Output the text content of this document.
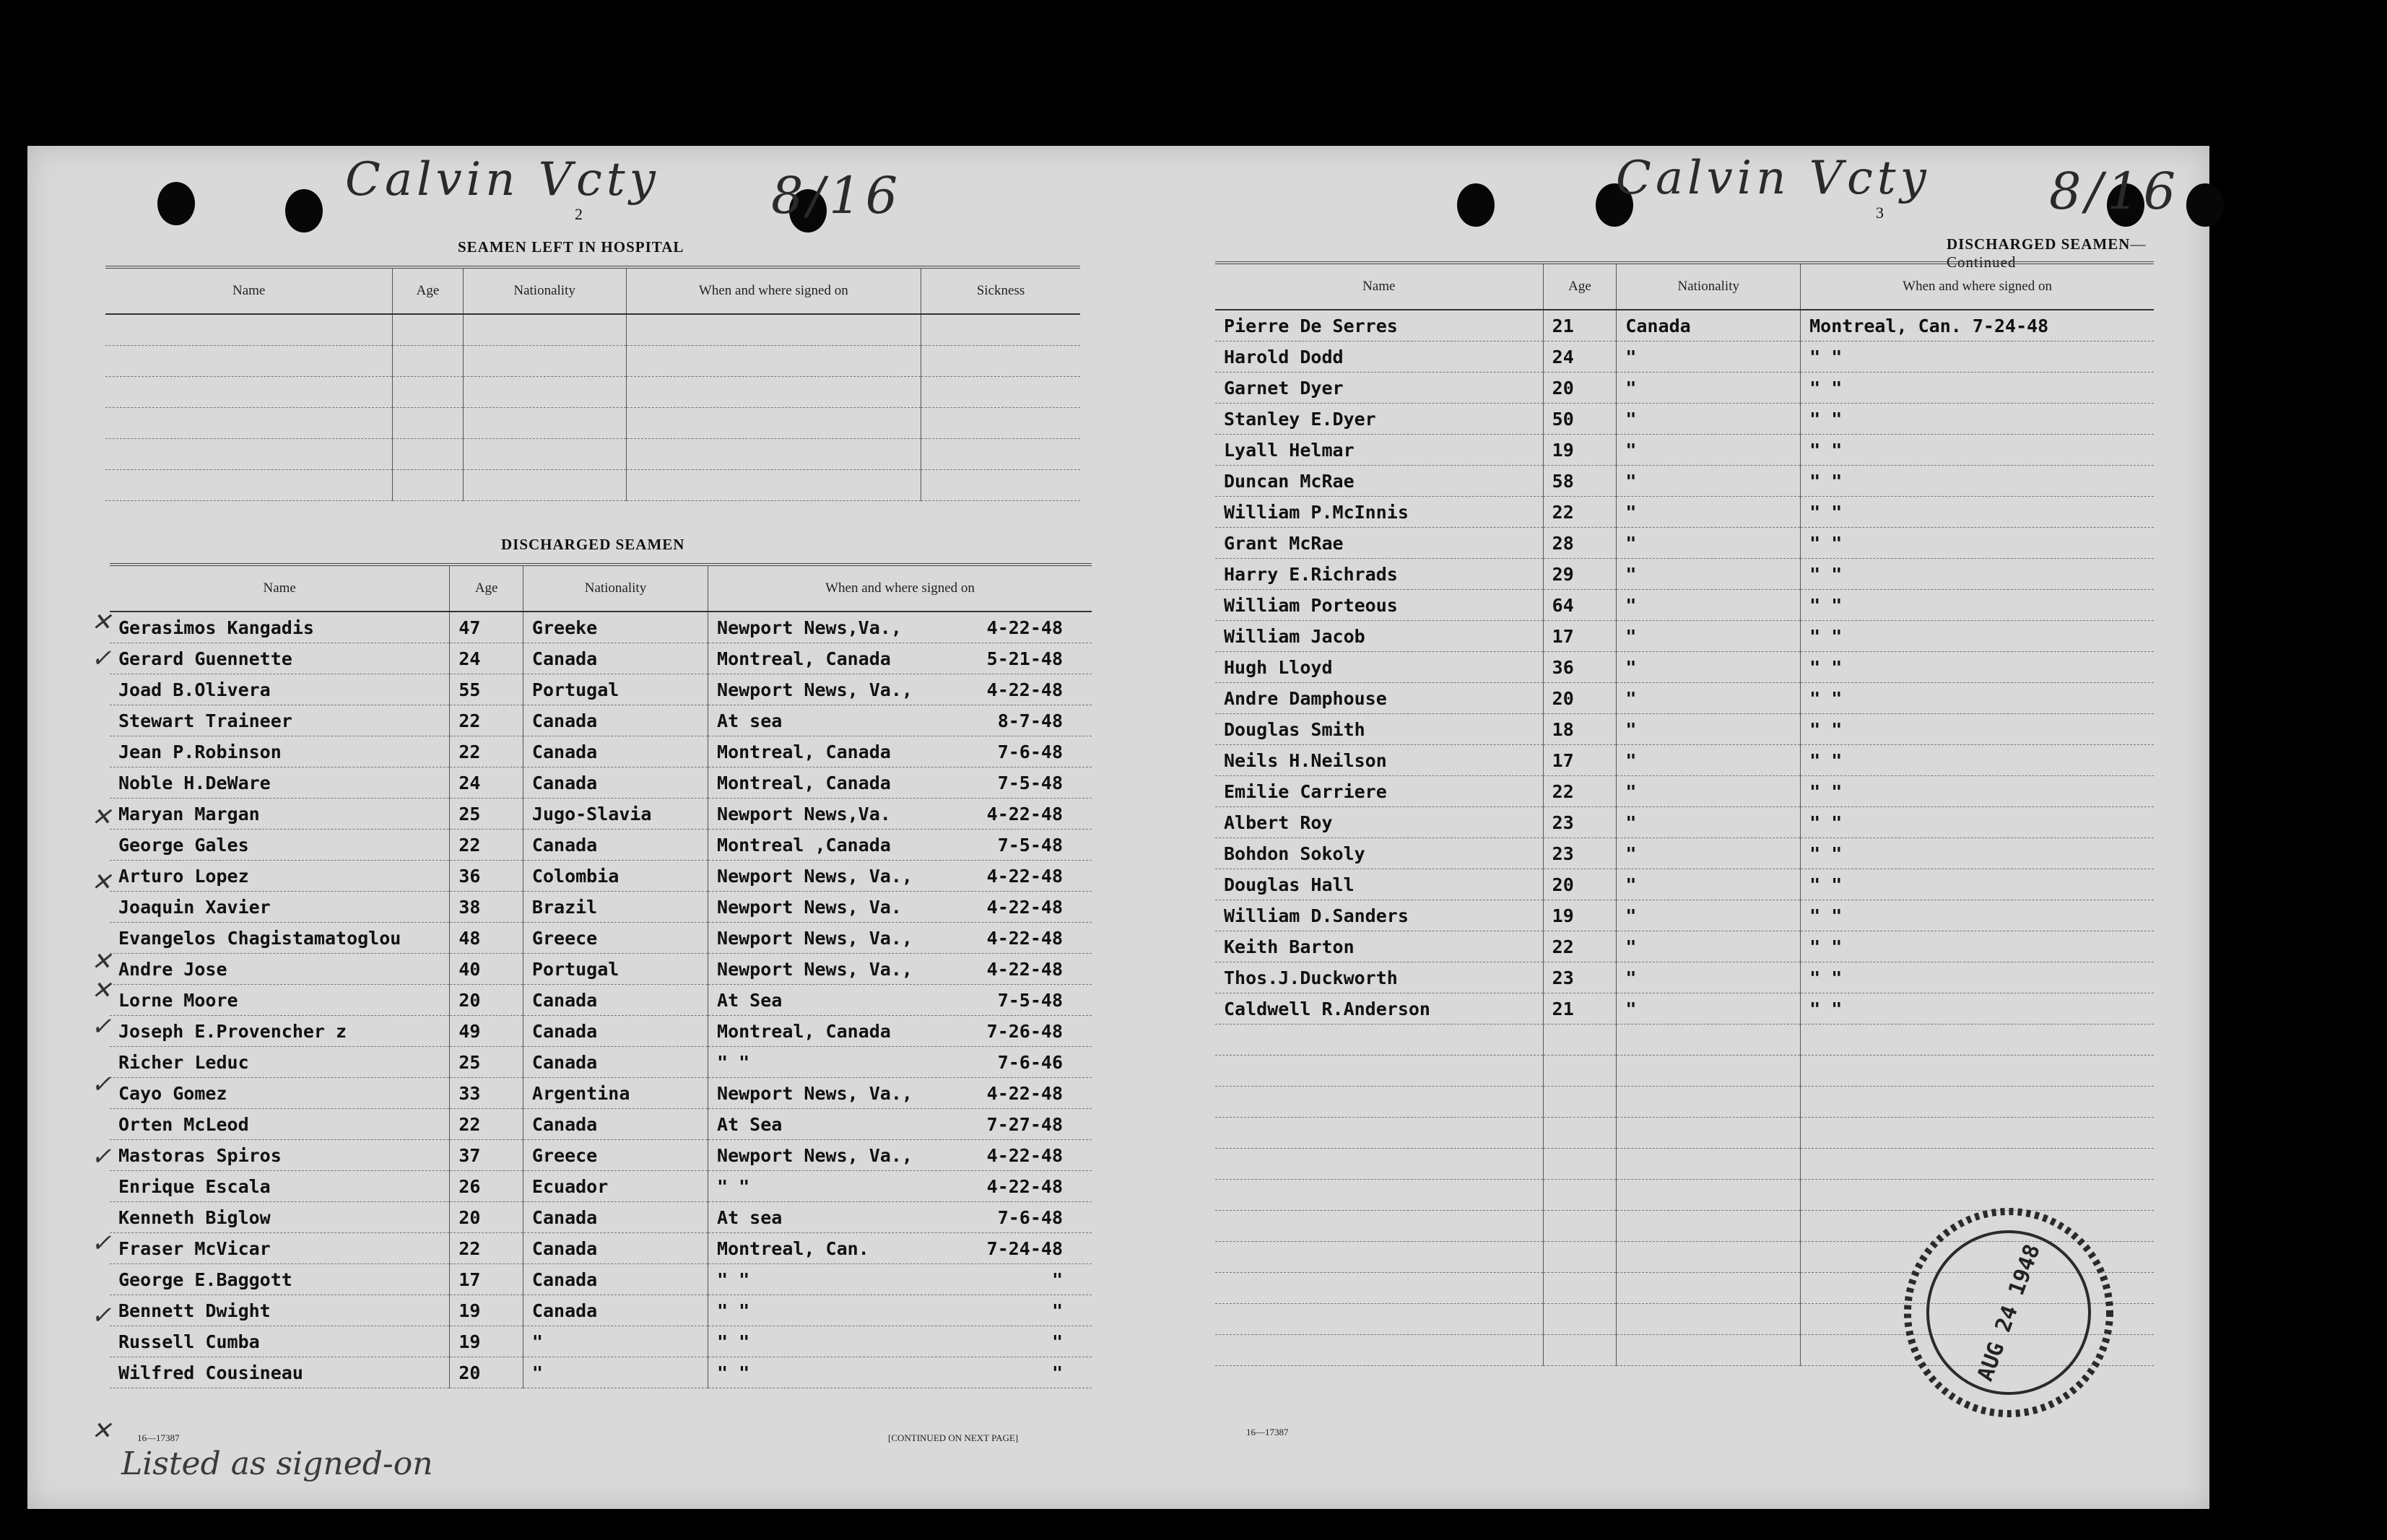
Calvin Vcty 8/16
2
SEAMEN LEFT IN HOSPITAL
Name	Age	Nationality	When and where signed on	Sickness

DISCHARGED SEAMEN
Name	Age	Nationality	When and where signed on
Gerasimos Kangadis	47	Greeke	Newport News,Va., 4-22-48

Gerard Guennette	24	Canada	Montreal, Canada 5-21-48

Joad B.Olivera	55	Portugal	Newport News, Va., 4-22-48

Stewart Traineer	22	Canada	At sea 8-7-48

Jean P.Robinson	22	Canada	Montreal, Canada 7-6-48

Noble H.DeWare	24	Canada	Montreal, Canada 7-5-48

Maryan Margan	25	Jugo-Slavia	Newport News,Va. 4-22-48

George Gales	22	Canada	Montreal ,Canada 7-5-48

Arturo Lopez	36	Colombia	Newport News, Va., 4-22-48

Joaquin Xavier	38	Brazil	Newport News, Va. 4-22-48

Evangelos Chagistamatoglou	48	Greece	Newport News, Va., 4-22-48

Andre Jose	40	Portugal	Newport News, Va., 4-22-48

Lorne Moore	20	Canada	At Sea 7-5-48

Joseph E.Provencher z	49	Canada	Montreal, Canada 7-26-48

Richer Leduc	25	Canada	" " 7-6-46

Cayo Gomez	33	Argentina	Newport News, Va., 4-22-48

Orten McLeod	22	Canada	At Sea 7-27-48

Mastoras Spiros	37	Greece	Newport News, Va., 4-22-48

Enrique Escala	26	Ecuador	" " 4-22-48

Kenneth Biglow	20	Canada	At sea 7-6-48

Fraser McVicar	22	Canada	Montreal, Can. 7-24-48

George E.Baggott	17	Canada	" " "

Bennett Dwight	19	Canada	" " "

Russell Cumba	19	"	" " "

Wilfred Cousineau	20	"	" " "
✕
✓
✕
✕
✕
✕
✓
✓
✓
✓
✓
✕	16—17387	[CONTINUED ON NEXT PAGE]
Listed as signed-on
Calvin Vcty 8/16
3
DISCHARGED SEAMEN—Continued
Name	Age	Nationality	When and where signed on
Pierre De Serres	21	Canada	Montreal, Can. 7-24-48
Harold Dodd	24	"	" "
Garnet Dyer	20	"	" "
Stanley E.Dyer	50	"	" "
Lyall Helmar	19	"	" "
Duncan McRae	58	"	" "
William P.McInnis	22	"	" "
Grant McRae	28	"	" "
Harry E.Richrads	29	"	" "
William Porteous	64	"	" "
William Jacob	17	"	" "
Hugh Lloyd	36	"	" "
Andre Damphouse	20	"	" "
Douglas Smith	18	"	" "
Neils H.Neilson	17	"	" "
Emilie Carriere	22	"	" "
Albert Roy	23	"	" "
Bohdon Sokoly	23	"	" "
Douglas Hall	20	"	" "
William D.Sanders	19	"	" "
Keith Barton	22	"	" "
Thos.J.Duckworth	23	"	" "
Caldwell R.Anderson	21	"	" "

16—17387
AUG 24 1948
